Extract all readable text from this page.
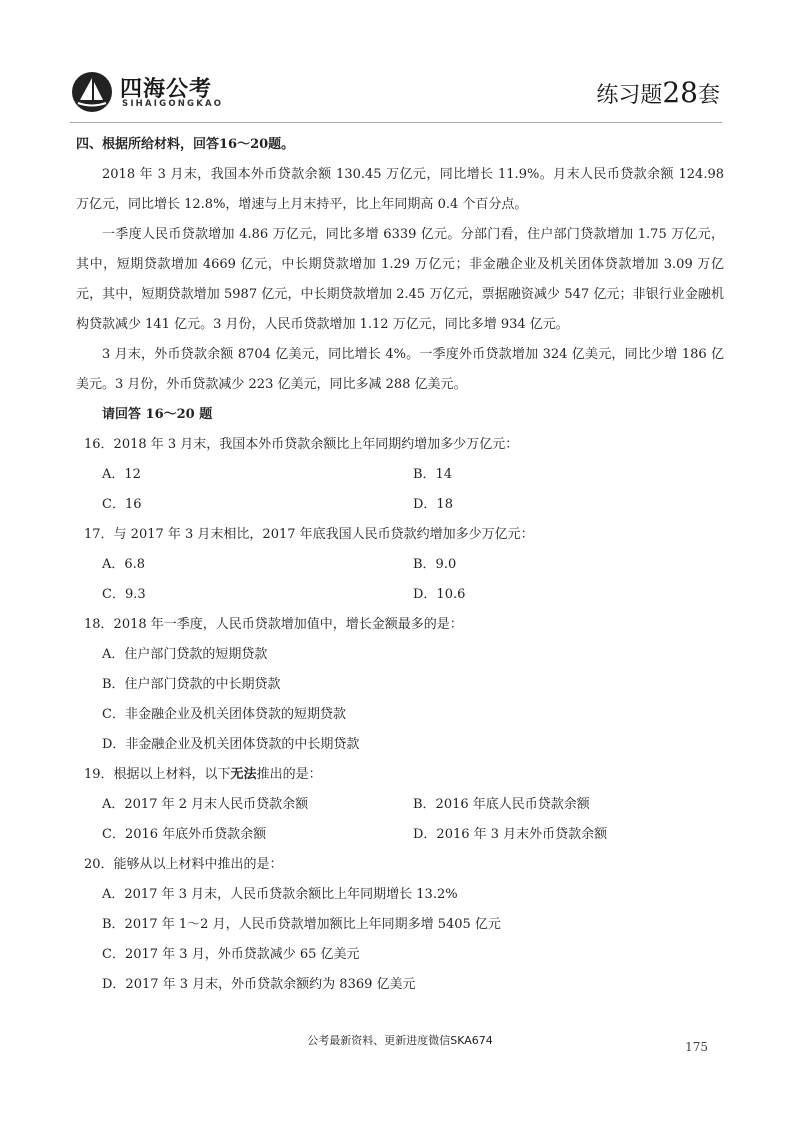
四海公考
SIHAIGONGKAO	练习题28套

四、根据所给材料，回答16～20题。

2018 年 3 月末，我国本外币贷款余额 130.45 万亿元，同比增长 11.9%。月末人民币贷款余额 124.98 万亿元，同比增长 12.8%，增速与上月末持平，比上年同期高 0.4 个百分点。

一季度人民币贷款增加 4.86 万亿元，同比多增 6339 亿元。分部门看，住户部门贷款增加 1.75 万亿元，其中，短期贷款增加 4669 亿元，中长期贷款增加 1.29 万亿元；非金融企业及机关团体贷款增加 3.09 万亿元，其中，短期贷款增加 5987 亿元，中长期贷款增加 2.45 万亿元，票据融资减少 547 亿元；非银行业金融机构贷款减少 141 亿元。3 月份，人民币贷款增加 1.12 万亿元，同比多增 934 亿元。

3 月末，外币贷款余额 8704 亿美元，同比增长 4%。一季度外币贷款增加 324 亿美元，同比少增 186 亿美元。3 月份，外币贷款减少 223 亿美元，同比多减 288 亿美元。

请回答 16～20 题

16．2018 年 3 月末，我国本外币贷款余额比上年同期约增加多少万亿元：

A．12	B．14
C．16	D．18

17．与 2017 年 3 月末相比，2017 年底我国人民币贷款约增加多少万亿元：

A．6.8	B．9.0
C．9.3	D．10.6

18．2018 年一季度，人民币贷款增加值中，增长金额最多的是：

A．住户部门贷款的短期贷款

B．住户部门贷款的中长期贷款

C．非金融企业及机关团体贷款的短期贷款

D．非金融企业及机关团体贷款的中长期贷款

19．根据以上材料，以下无法推出的是：

A．2017 年 2 月末人民币贷款余额	B．2016 年底人民币贷款余额
C．2016 年底外币贷款余额	D．2016 年 3 月末外币贷款余额

20．能够从以上材料中推出的是：

A．2017 年 3 月末，人民币贷款余额比上年同期增长 13.2%

B．2017 年 1～2 月，人民币贷款增加额比上年同期多增 5405 亿元

C．2017 年 3 月，外币贷款减少 65 亿美元

D．2017 年 3 月末，外币贷款余额约为 8369 亿美元

公考最新资料、更新进度微信SKA674	175
